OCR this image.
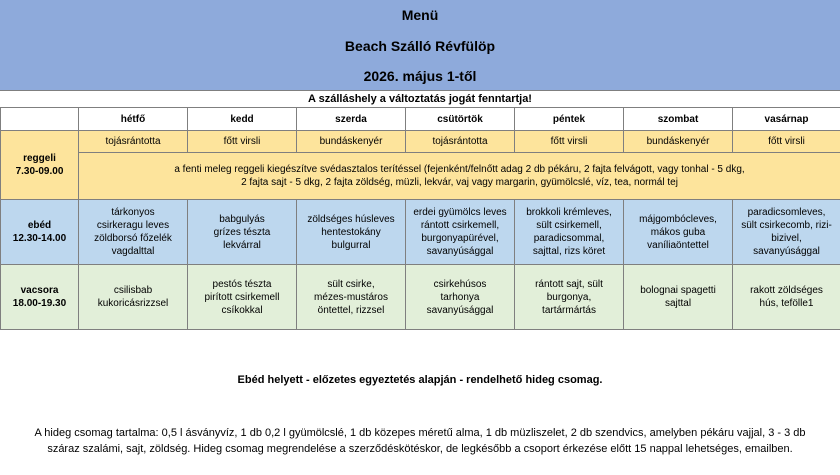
Menü
Beach Szálló Révfülöp
2026. május 1-től
A szálláshely a változtatás jogát fenntartja!
	hétfő	kedd	szerda	csütörtök	péntek	szombat	vasárnap
reggeli
7.30-09.00	tojásrántotta	főtt virsli	bundáskenyér	tojásrántotta	főtt virsli	bundáskenyér	főtt virsli
	a fenti meleg reggeli kiegészítve svédasztalos terítéssel (fejenként/felnőtt adag 2 db pékáru, 2 fajta felvágott, vagy tonhal - 5 dkg,
2 fajta sajt - 5 dkg, 2 fajta zöldség, müzli, lekvár, vaj vagy margarin, gyümölcslé, víz, tea, normál tej						
ebéd
12.30-14.00	tárkonyos
csirkeragu leves
zöldborsó főzelék
vagdalttal	babgulyás
grízes tészta
lekvárral	zöldséges húsleves
hentestokány
bulgurral	erdei gyümölcs leves
rántott csirkemell,
burgonyapürével,
savanyúsággal	brokkoli krémleves,
sült csirkemell,
paradicsommal,
sajttal, rizs köret	májgombócleves,
mákos guba
vaníliaöntettel	paradicsomleves,
sült csirkecomb, rizi-
bizivel,
savanyúsággal
vacsora
18.00-19.30	csilisbab
kukoricásrizzsel	pestós tészta
pirított csirkemell
csíkokkal	sült csirke,
mézes-mustáros
öntettel, rizzsel	csirkehúsos
tarhonya
savanyúsággal	rántott sajt, sült
burgonya,
tartármártás	bolognai spagetti
sajttal	rakott zöldséges
hús, tefölle1
Ebéd helyett - előzetes egyeztetés alapján - rendelhető hideg csomag.
A hideg csomag tartalma: 0,5 l ásványvíz, 1 db 0,2 l gyümölcslé, 1 db közepes méretű alma, 1 db müzliszelet, 2 db szendvics, amelyben pékáru vajjal, 3 - 3 db
száraz szalámi, sajt, zöldség. Hideg csomag megrendelése a szerződéskötéskor, de legkésőbb a csoport érkezése előtt 15 nappal lehetséges, emailben.
